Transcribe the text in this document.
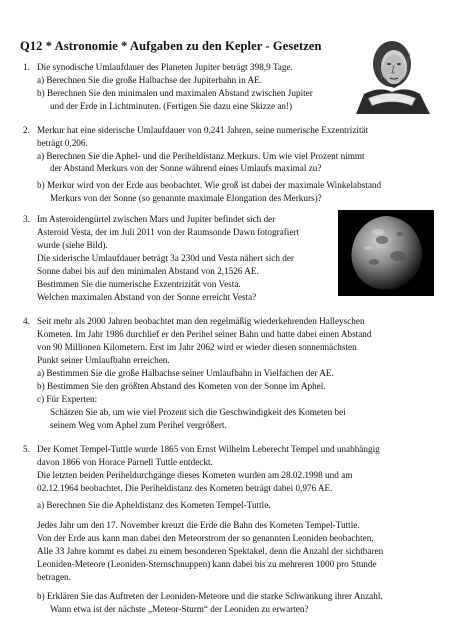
Q12 * Astronomie * Aufgaben zu den Kepler - Gesetzen
1. Die synodische Umlaufdauer des Planeten Jupiter beträgt 398,9 Tage.
a) Berechnen Sie die große Halbachse der Jupiterbahn in AE.
b) Berechnen Sie den minimalen und maximalen Abstand zwischen Jupiter
und der Erde in Lichtminuten. (Fertigen Sie dazu eine Skizze an!)
2. Merkur hat eine siderische Umlaufdauer von 0,241 Jahren, seine numerische Exzentrizität
beträgt 0,206.
a) Berechnen Sie die Aphel- und die Periheldistanz Merkurs. Um wie viel Prozent nimmt
der Abstand Merkurs von der Sonne während eines Umlaufs maximal zu?
b) Merkur wird von der Erde aus beobachtet. Wie groß ist dabei der maximale Winkelabstand
Merkurs von der Sonne (so genannte maximale Elongation des Merkurs)?
3. Im Asteroidengürtel zwischen Mars und Jupiter befindet sich der
Asteroid Vesta, der im Juli 2011 von der Raumsonde Dawn fotografiert
wurde (siehe Bild).
Die siderische Umlaufdauer beträgt 3a 230d und Vesta nähert sich der
Sonne dabei bis auf den minimalen Abstand von 2,1526 AE.
Bestimmen Sie die numerische Exzentrizität von Vesta.
Welchen maximalen Abstand von der Sonne erreicht Vesta?
4. Seit mehr als 2000 Jahren beobachtet man den regelmäßig wiederkehrenden Halleyschen
Kometen. Im Jahr 1986 durchlief er den Perihel seiner Bahn und hatte dabei einen Abstand
von 90 Millionen Kilometern. Erst im Jahr 2062 wird er wieder diesen sonnennächsten
Punkt seiner Umlaufbahn erreichen.
a) Bestimmen Sie die große Halbachse seiner Umlaufbahn in Vielfachen der AE.
b) Bestimmen Sie den größten Abstand des Kometen von der Sonne im Aphel.
c) Für Experten:
Schätzen Sie ab, um wie viel Prozent sich die Geschwindigkeit des Kometen bei
seinem Weg vom Aphel zum Perihel vergrößert.
5. Der Komet Tempel-Tuttle wurde 1865 von Ernst Wilhelm Leberecht Tempel und unabhängig
davon 1866 von Horace Parnell Tuttle entdeckt.
Die letzten beiden Periheldurchgänge dieses Kometen wurden am 28.02.1998 und am
02.12.1964 beobachtet. Die Periheldistanz des Kometen beträgt dabei 0,976 AE.
a) Berechnen Sie die Apheldistanz des Kometen Tempel-Tuttle.
Jedes Jahr um den 17. November kreuzt die Erde die Bahn des Kometen Tempel-Tuttle.
Von der Erde aus kann man dabei den Meteorstrom der so genannten Leoniden beobachten.
Alle 33 Jahre kommt es dabei zu einem besonderen Spektakel, denn die Anzahl der sichtbaren
Leoniden-Meteore (Leoniden-Sternschnuppen) kann dabei bis zu mehreren 1000 pro Stunde
betragen.
b) Erklären Sie das Auftreten der Leoniden-Meteore und die starke Schwankung ihrer Anzahl.
Wann etwa ist der nächste „Meteor-Sturm“ der Leoniden zu erwarten?
